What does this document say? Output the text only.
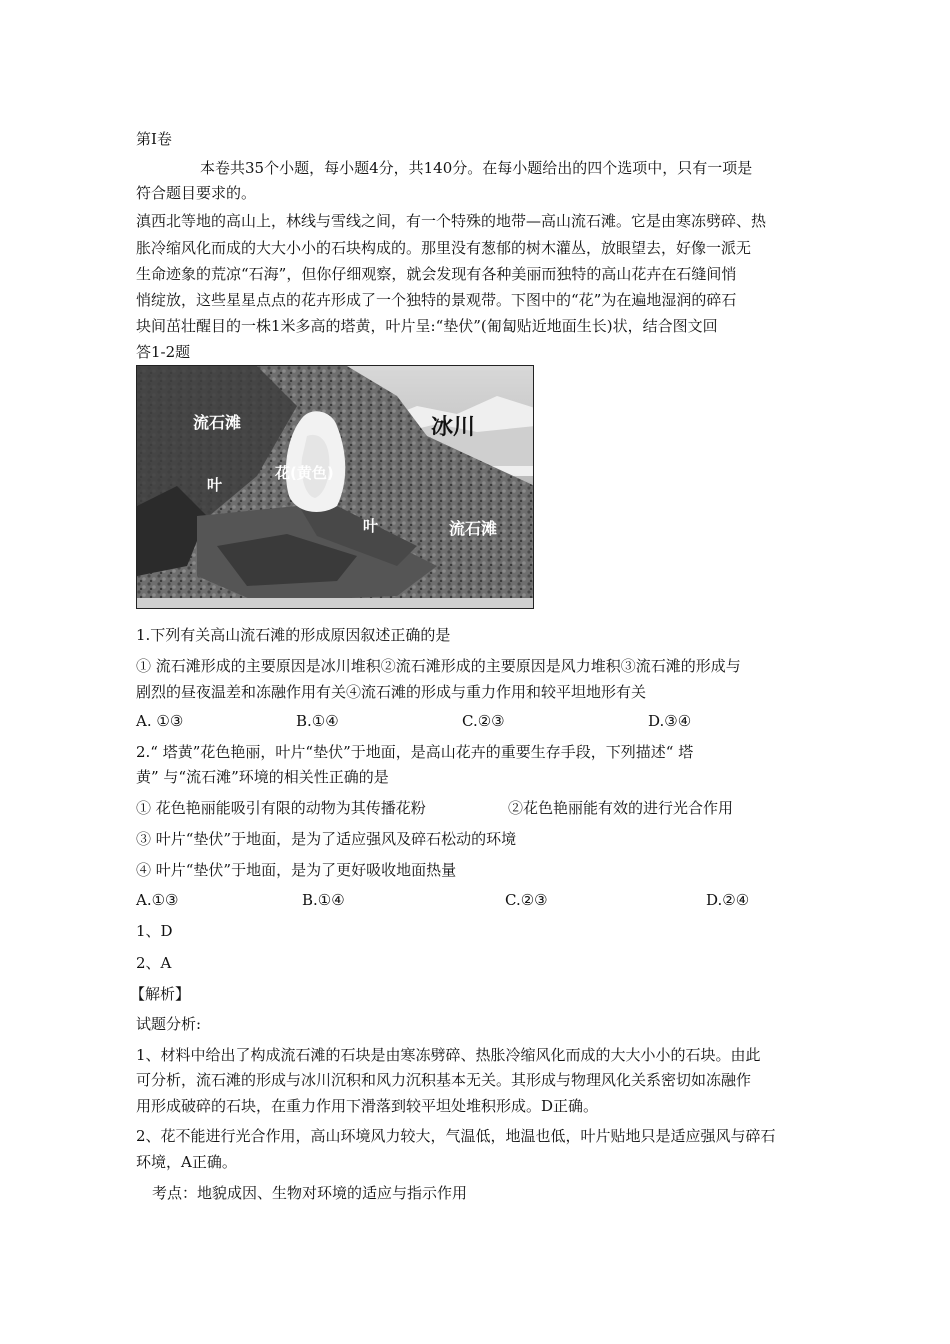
第Ⅰ卷
本卷共35个小题，每小题4分，共140分。在每小题给出的四个选项中，只有一项是
符合题目要求的。
滇西北等地的高山上，林线与雪线之间，有一个特殊的地带—高山流石滩。它是由寒冻劈碎、热
胀冷缩风化而成的大大小小的石块构成的。那里没有葱郁的树木灌丛，放眼望去，好像一派无
生命迹象的荒凉“石海”，但你仔细观察，就会发现有各种美丽而独特的高山花卉在石缝间悄
悄绽放，这些星星点点的花卉形成了一个独特的景观带。下图中的“花”为在遍地湿润的碎石
块间茁壮醒目的一株1米多高的塔黄，叶片呈:“垫伏”(匍匐贴近地面生长)状，结合图文回
答1-2题
流石滩	冰川
花(黄色)
叶
叶	流石滩
1.下列有关高山流石滩的形成原因叙述正确的是
① 流石滩形成的主要原因是冰川堆积②流石滩形成的主要原因是风力堆积③流石滩的形成与
剧烈的昼夜温差和冻融作用有关④流石滩的形成与重力作用和较平坦地形有关
A. ①③	B.①④	C.②③	D.③④
2.“ 塔黄”花色艳丽，叶片“垫伏”于地面，是高山花卉的重要生存手段，下列描述“ 塔
黄” 与“流石滩”环境的相关性正确的是
① 花色艳丽能吸引有限的动物为其传播花粉	②花色艳丽能有效的进行光合作用
③ 叶片“垫伏”于地面，是为了适应强风及碎石松动的环境
④ 叶片“垫伏”于地面，是为了更好吸收地面热量
A.①③	B.①④	C.②③	D.②④
1、D
2、A
【解析】
试题分析:
1、材料中给出了构成流石滩的石块是由寒冻劈碎、热胀冷缩风化而成的大大小小的石块。由此
可分析，流石滩的形成与冰川沉积和风力沉积基本无关。其形成与物理风化关系密切如冻融作
用形成破碎的石块，在重力作用下滑落到较平坦处堆积形成。D正确。
2、花不能进行光合作用，高山环境风力较大，气温低，地温也低，叶片贴地只是适应强风与碎石
环境，A正确。
考点：地貌成因、生物对环境的适应与指示作用
